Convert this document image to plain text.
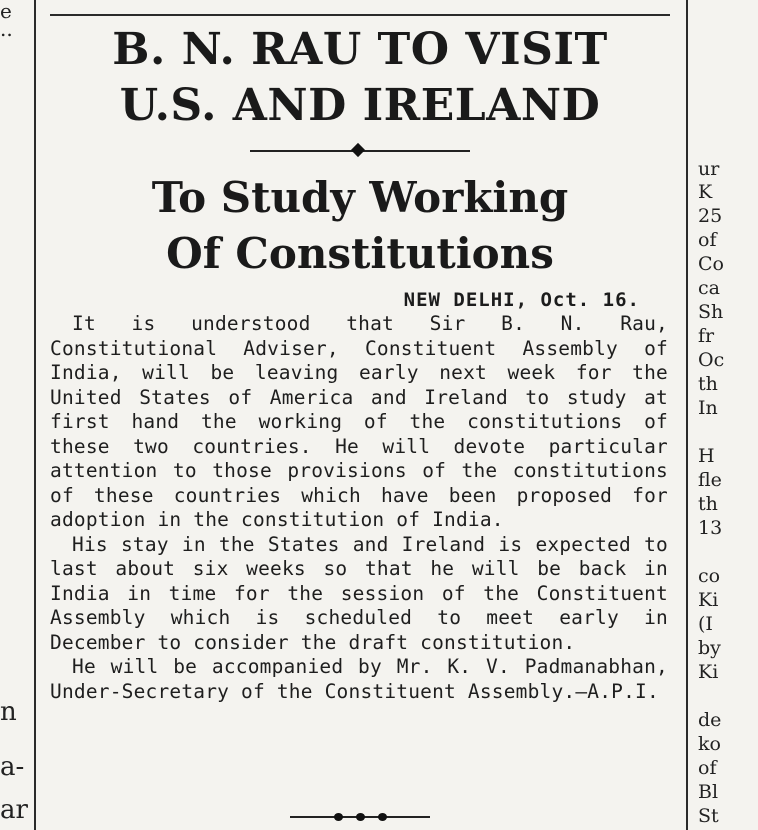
e
..
n
a-
ar
ur
K
25
of
Co
ca
Sh
fr
Oc
th
In
H
fle
th
13
co
Ki
(I
by
Ki
de
ko
of
Bl
St
B. N. RAU TO VISIT
U.S. AND IRELAND
To Study Working
Of Constitutions
NEW DELHI, Oct. 16.

It is understood that Sir B. N. Rau, Constitutional Adviser, Constituent Assembly of India, will be leaving early next week for the United States of America and Ireland to study at first hand the working of the constitutions of these two countries. He will devote particular attention to those provisions of the constitutions of these countries which have been proposed for adoption in the constitution of India.

His stay in the States and Ireland is expected to last about six weeks so that he will be back in India in time for the session of the Constituent Assembly which is scheduled to meet early in December to consider the draft constitution.

He will be accompanied by Mr. K. V. Padmanabhan, Under-Secretary of the Constituent Assembly.—A.P.I.
